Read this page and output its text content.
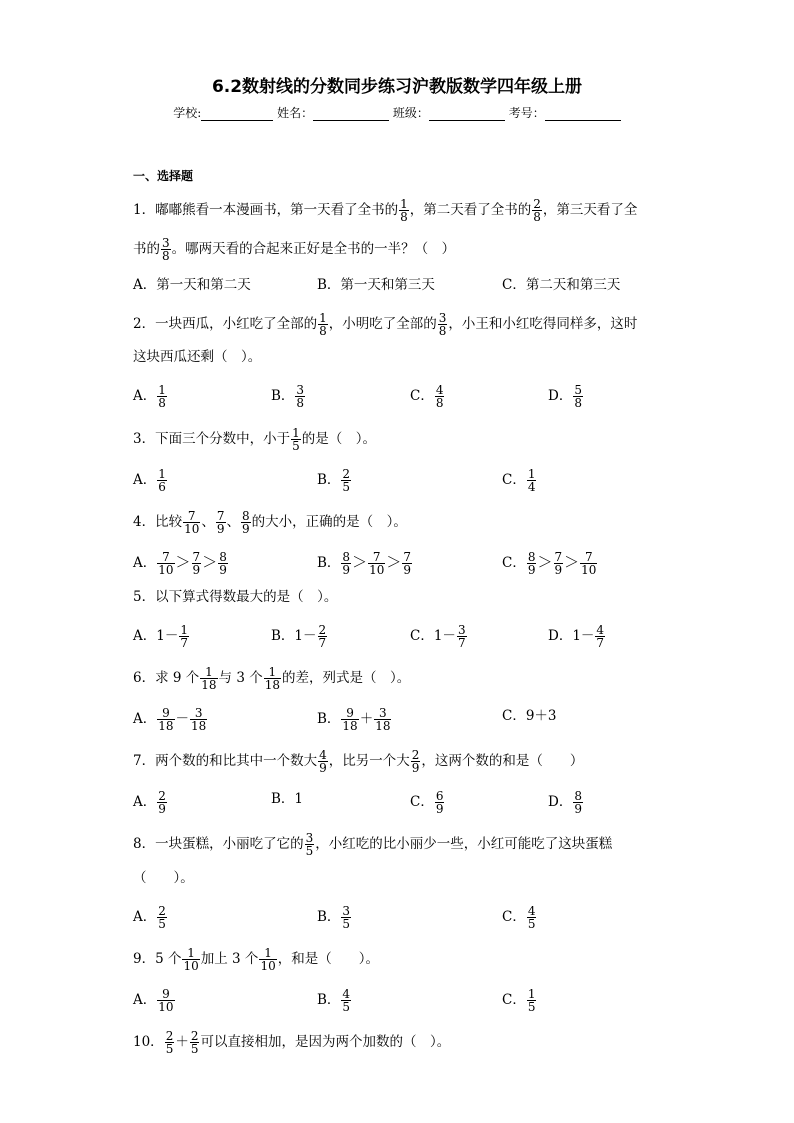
6.2数射线的分数同步练习沪教版数学四年级上册
学校:	姓名：	班级：	考号：
一、选择题
1．嘟嘟熊看一本漫画书，第一天看了全书的 $\frac{1}{8}$ ，第二天看了全书的 $\frac{2}{8}$ ，第三天看了全
书的 $\frac{3}{8}$ 。哪两天看的合起来正好是全书的一半？（　）
A．第一天和第二天	B．第一天和第三天	C．第二天和第三天
2．一块西瓜，小红吃了全部的 $\frac{1}{8}$ ，小明吃了全部的 $\frac{3}{8}$ ，小王和小红吃得同样多，这时
这块西瓜还剩（　）。
A． $\frac{1}{8}$	B． $\frac{3}{8}$	C． $\frac{4}{8}$	D． $\frac{5}{8}$
3．下面三个分数中，小于 $\frac{1}{5}$ 的是（　）。
A． $\frac{1}{6}$	B． $\frac{2}{5}$	C． $\frac{1}{4}$
4．比较 $\frac{7}{10}$ 、 $\frac{7}{9}$ 、 $\frac{8}{9}$ 的大小，正确的是（　）。
A． $\frac{7}{10} > \frac{7}{9} > \frac{8}{9}$	B． $\frac{8}{9} > \frac{7}{10} > \frac{7}{9}$	C． $\frac{8}{9} > \frac{7}{9} > \frac{7}{10}$
5．以下算式得数最大的是（　）。
A．$1- \frac{1}{7}$	B．$1- \frac{2}{7}$	C．$1- \frac{3}{7}$	D．$1- \frac{4}{7}$
6．求 9 个 $\frac{1}{18}$ 与 3 个 $\frac{1}{18}$ 的差，列式是（　）。
A． $\frac{9}{18} - \frac{3}{18}$	B． $\frac{9}{18} + \frac{3}{18}$	C．9＋3
7．两个数的和比其中一个数大 $\frac{4}{9}$ ，比另一个大 $\frac{2}{9}$ ，这两个数的和是（　　）
A． $\frac{2}{9}$	B．1	C． $\frac{6}{9}$	D． $\frac{8}{9}$
8．一块蛋糕，小丽吃了它的 $\frac{3}{5}$ ，小红吃的比小丽少一些，小红可能吃了这块蛋糕
（　　）。
A． $\frac{2}{5}$	B． $\frac{3}{5}$	C． $\frac{4}{5}$
9．5 个 $\frac{1}{10}$ 加上 3 个 $\frac{1}{10}$ ，和是（　　）。
A． $\frac{9}{10}$	B． $\frac{4}{5}$	C． $\frac{1}{5}$
10． $\frac{2}{5} + \frac{2}{5}$ 可以直接相加，是因为两个加数的（　）。
